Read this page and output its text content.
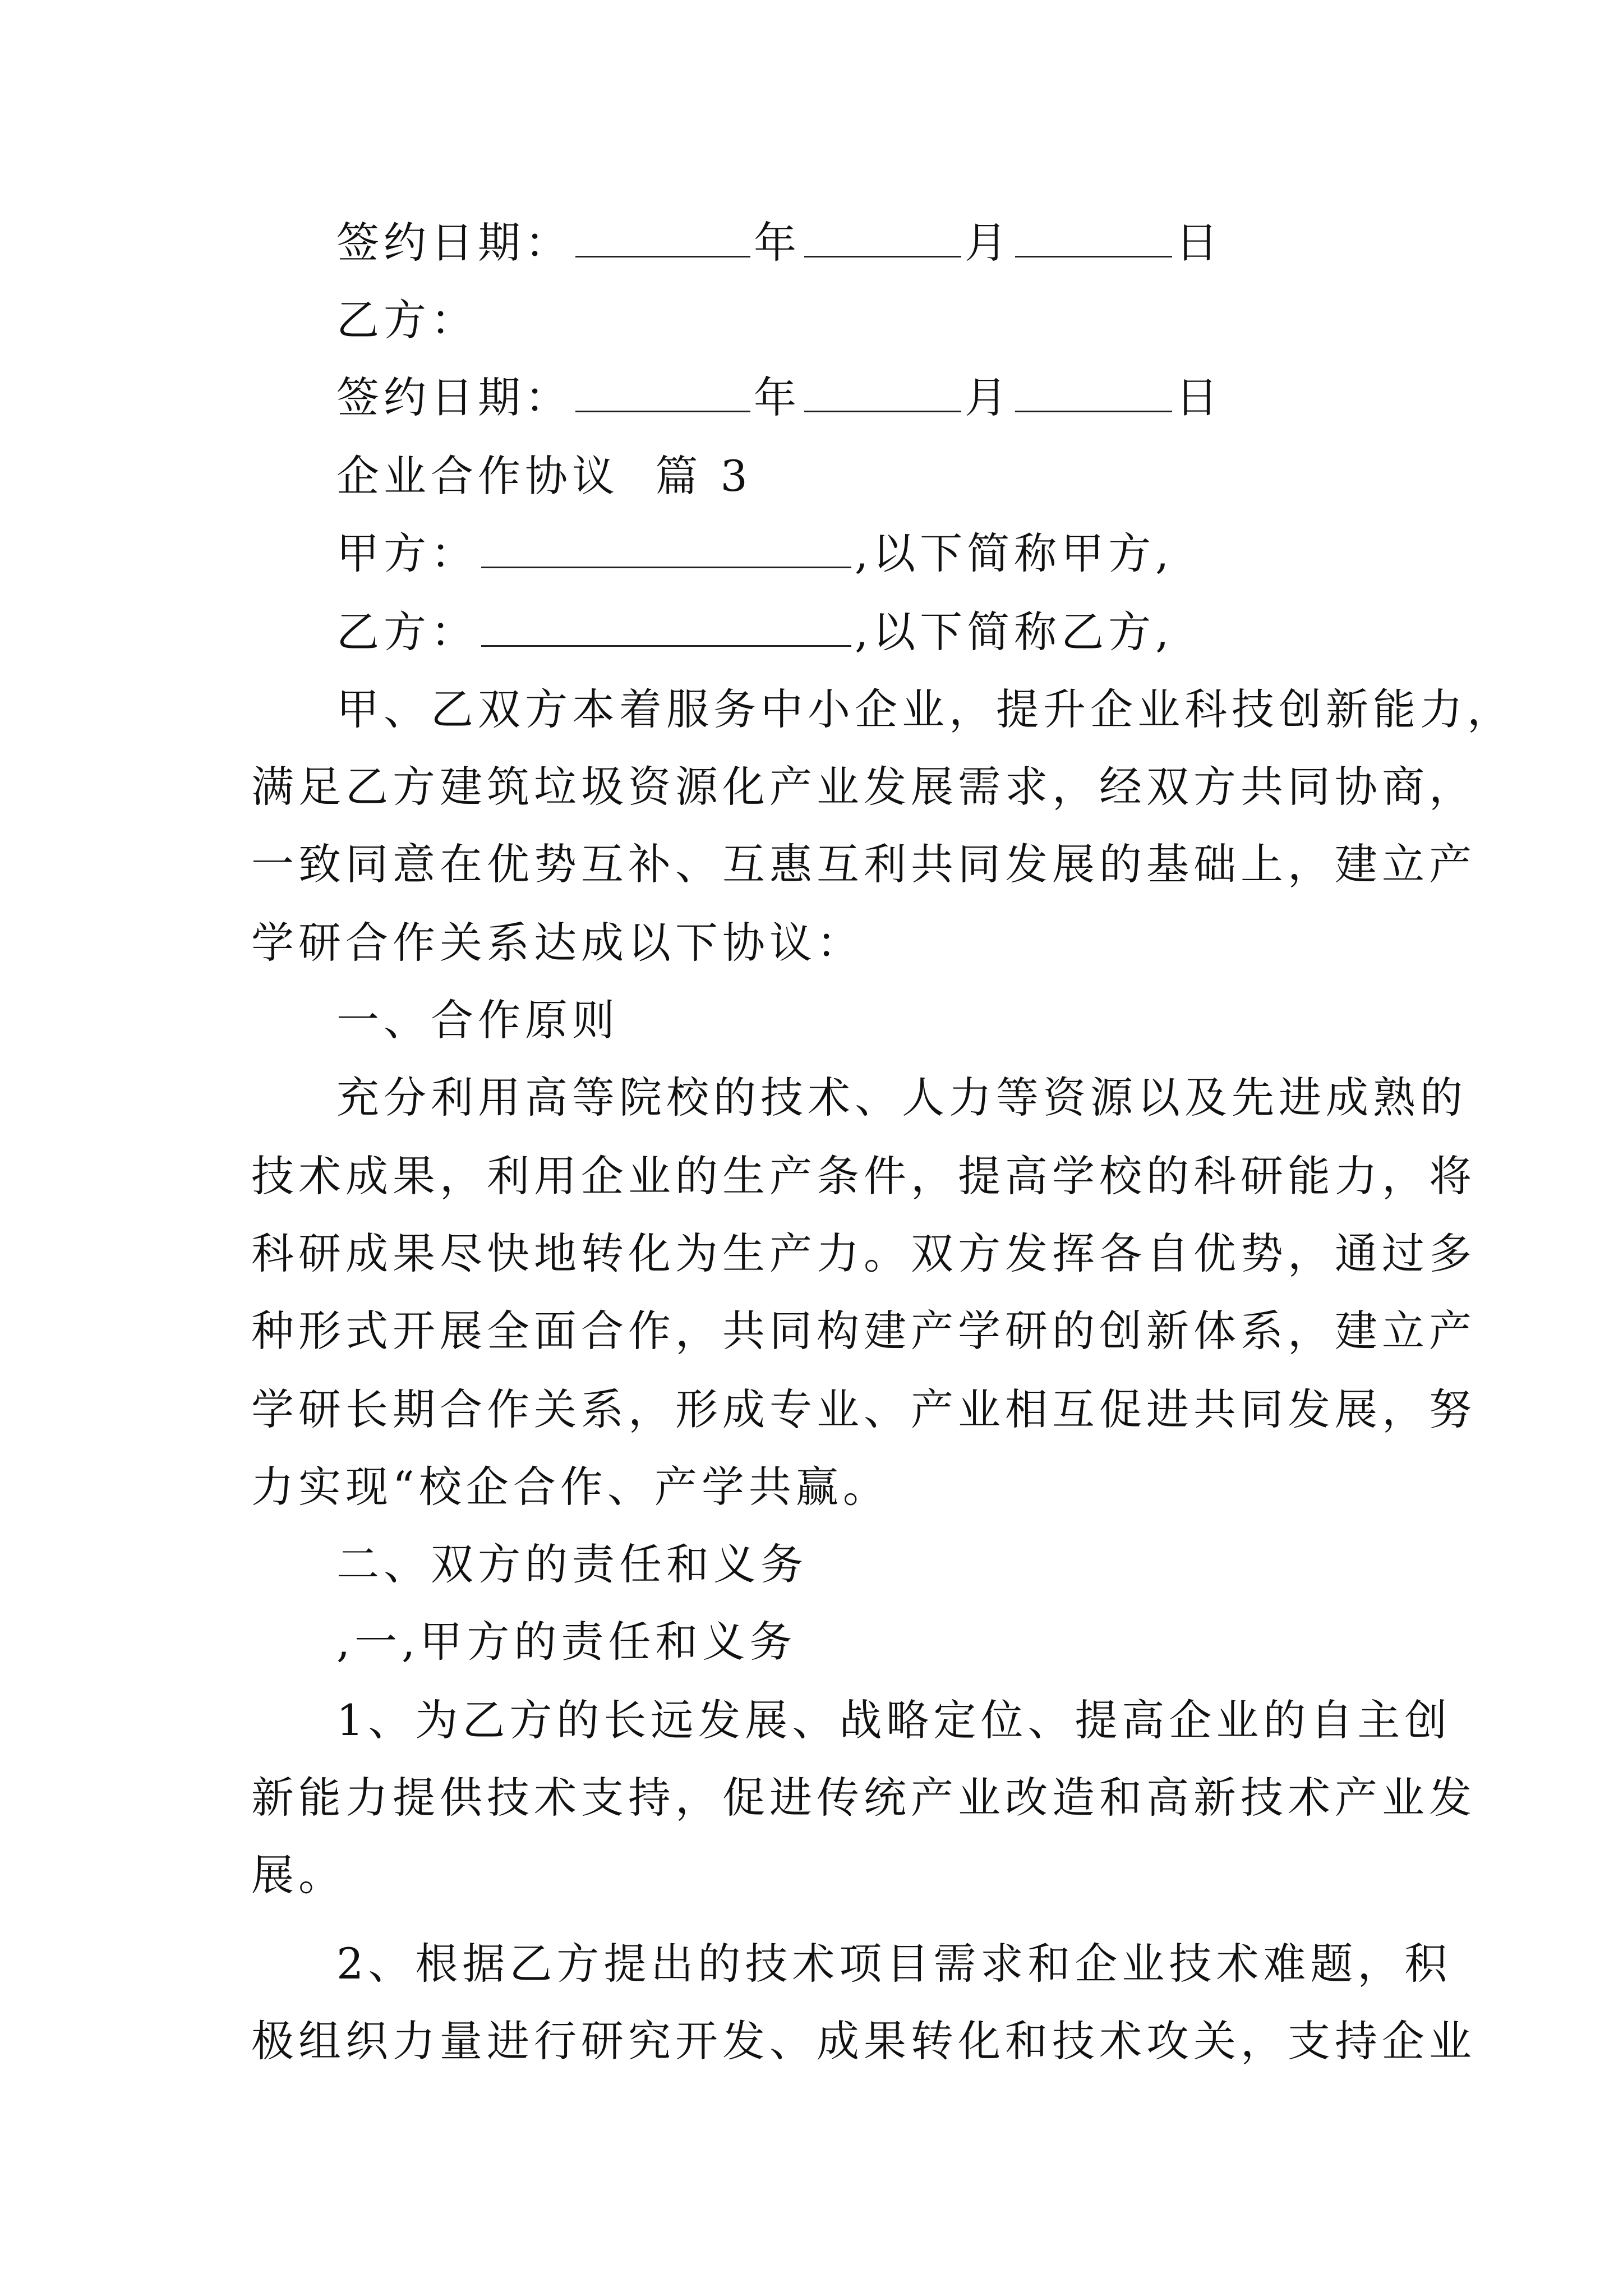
签约日期：	年	月	日
乙方：
签约日期：	年	月	日
企业合作协议  篇 3
甲方：	,以下简称甲方,
乙方：	,以下简称乙方,
甲、乙双方本着服务中小企业，提升企业科技创新能力，
满足乙方建筑垃圾资源化产业发展需求，经双方共同协商，
一致同意在优势互补、互惠互利共同发展的基础上，建立产
学研合作关系达成以下协议：
一、合作原则
充分利用高等院校的技术、人力等资源以及先进成熟的
技术成果，利用企业的生产条件，提高学校的科研能力，将
科研成果尽快地转化为生产力。双方发挥各自优势，通过多
种形式开展全面合作，共同构建产学研的创新体系，建立产
学研长期合作关系，形成专业、产业相互促进共同发展，努
力实现“校企合作、产学共赢。
二、双方的责任和义务
,一,甲方的责任和义务
1、为乙方的长远发展、战略定位、提高企业的自主创
新能力提供技术支持，促进传统产业改造和高新技术产业发
展。
2、根据乙方提出的技术项目需求和企业技术难题，积
极组织力量进行研究开发、成果转化和技术攻关，支持企业
